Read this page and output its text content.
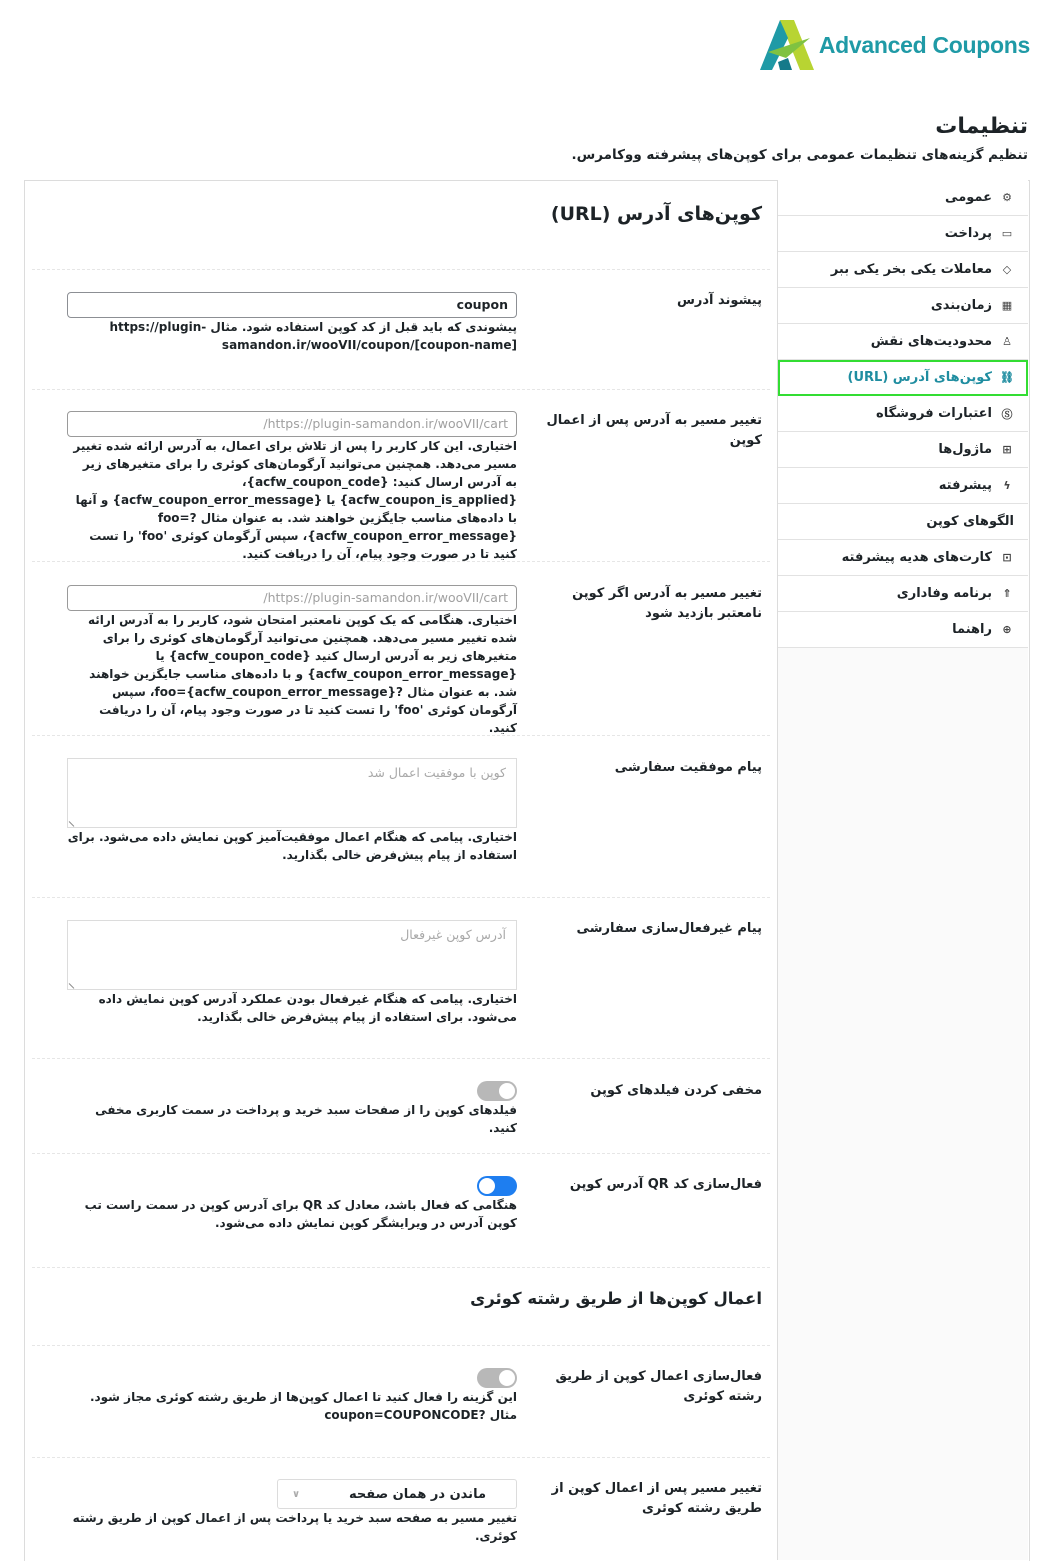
Advanced Coupons
تنظیمات
تنظیم گزینه‌های تنظیمات عمومی برای کوپن‌های پیشرفته ووکامرس.
⚙
عمومی
▭
پرداخت
◇
معاملات یکی بخر یکی ببر
▦
زمان‌بندی
♙
محدودیت‌های نقش
⛓
کوپن‌های آدرس (URL)
Ⓢ
اعتبارات فروشگاه
⊞
ماژول‌ها
ϟ
پیشرفته
الگوهای کوپن
⊡
کارت‌های هدیه پیشرفته
⇑
برنامه وفاداری
⊕
راهنما
کوپن‌های آدرس (URL)
پیشوند آدرس
coupon
پیشوندی که باید قبل از کد کوپن استفاده شود. مثال https://plugin-samandon.ir/wooVII/coupon/[coupon-name]
تغییر مسیر به آدرس پس از اعمال کوپن
https://plugin-samandon.ir/wooVII/cart/
اختیاری. این کار کاربر را پس از تلاش برای اعمال، به آدرس ارائه شده تغییر مسیر می‌دهد. همچنین می‌توانید آرگومان‌های کوئری را برای متغیرهای زیر به آدرس ارسال کنید: {acfw_coupon_code}، {acfw_coupon_is_applied} یا {acfw_coupon_error_message} و آنها با داده‌های مناسب جایگزین خواهند شد. به عنوان مثال ?foo={acfw_coupon_error_message}، سپس آرگومان کوئری 'foo' را تست کنید تا در صورت وجود پیام، آن را دریافت کنید.
تغییر مسیر به آدرس اگر کوپن نامعتبر بازدید شود
https://plugin-samandon.ir/wooVII/cart/
اختیاری. هنگامی که یک کوپن نامعتبر امتحان شود، کاربر را به آدرس ارائه شده تغییر مسیر می‌دهد. همچنین می‌توانید آرگومان‌های کوئری را برای متغیرهای زیر به آدرس ارسال کنید {acfw_coupon_code} یا {acfw_coupon_error_message} و با داده‌های مناسب جایگزین خواهند شد. به عنوان مثال ?foo={acfw_coupon_error_message}، سپس آرگومان کوئری 'foo' را تست کنید تا در صورت وجود پیام، آن را دریافت کنید.
پیام موفقیت سفارشی
کوپن با موفقیت اعمال شد
اختیاری. پیامی که هنگام اعمال موفقیت‌آمیز کوپن نمایش داده می‌شود. برای استفاده از پیام پیش‌فرض خالی بگذارید.
پیام غیرفعال‌سازی سفارشی
آدرس کوپن غیرفعال
اختیاری. پیامی که هنگام غیرفعال بودن عملکرد آدرس کوپن نمایش داده می‌شود. برای استفاده از پیام پیش‌فرض خالی بگذارید.
مخفی کردن فیلدهای کوپن
فیلدهای کوپن را از صفحات سبد خرید و پرداخت در سمت کاربری مخفی کنید.
فعال‌سازی کد QR آدرس کوپن
هنگامی که فعال باشد، معادل کد QR برای آدرس کوپن در سمت راست تب کوپن آدرس در ویرایشگر کوپن نمایش داده می‌شود.
اعمال کوپن‌ها از طریق رشته کوئری
فعال‌سازی اعمال کوپن از طریق رشته کوئری
این گزینه را فعال کنید تا اعمال کوپن‌ها از طریق رشته کوئری مجاز شود. مثال ?coupon=COUPONCODE
تغییر مسیر پس از اعمال کوپن از طریق رشته کوئری
ماندن در همان صفحه
∨
تغییر مسیر به صفحه سبد خرید یا پرداخت پس از اعمال کوپن از طریق رشته کوئری.
